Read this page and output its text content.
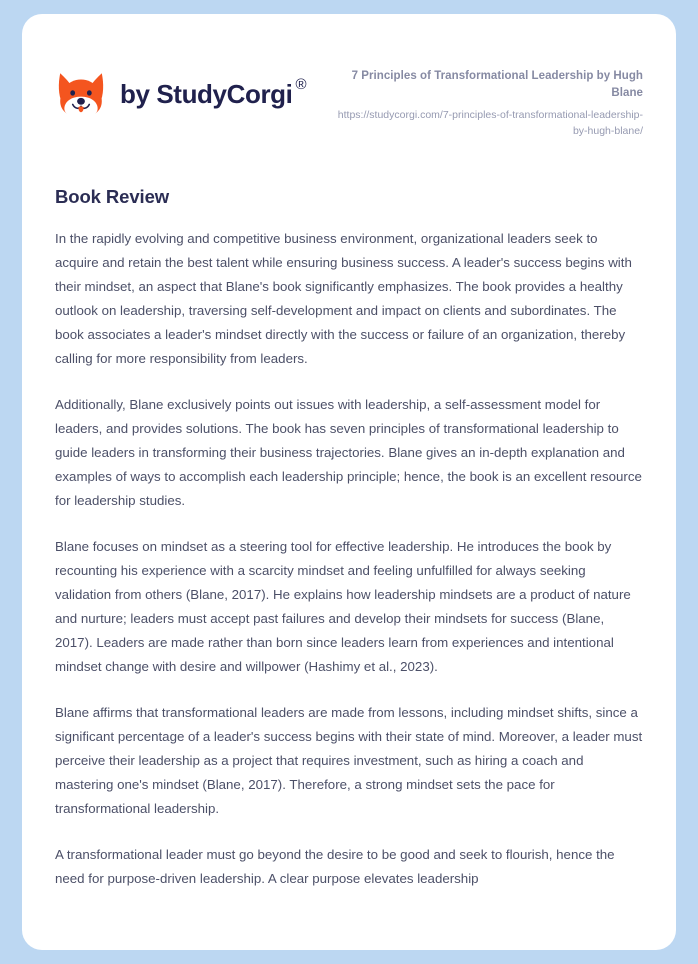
by StudyCorgi ®	7 Principles of Transformational Leadership by Hugh Blane
https://studycorgi.com/7-principles-of-transformational-leadership-by-hugh-blane/
Book Review

In the rapidly evolving and competitive business environment, organizational leaders seek to acquire and retain the best talent while ensuring business success. A leader's success begins with their mindset, an aspect that Blane's book significantly emphasizes. The book provides a healthy outlook on leadership, traversing self-development and impact on clients and subordinates. The book associates a leader's mindset directly with the success or failure of an organization, thereby calling for more responsibility from leaders.

Additionally, Blane exclusively points out issues with leadership, a self-assessment model for leaders, and provides solutions. The book has seven principles of transformational leadership to guide leaders in transforming their business trajectories. Blane gives an in-depth explanation and examples of ways to accomplish each leadership principle; hence, the book is an excellent resource for leadership studies.

Blane focuses on mindset as a steering tool for effective leadership. He introduces the book by recounting his experience with a scarcity mindset and feeling unfulfilled for always seeking validation from others (Blane, 2017). He explains how leadership mindsets are a product of nature and nurture; leaders must accept past failures and develop their mindsets for success (Blane, 2017). Leaders are made rather than born since leaders learn from experiences and intentional mindset change with desire and willpower (Hashimy et al., 2023).

Blane affirms that transformational leaders are made from lessons, including mindset shifts, since a significant percentage of a leader's success begins with their state of mind. Moreover, a leader must perceive their leadership as a project that requires investment, such as hiring a coach and mastering one's mindset (Blane, 2017). Therefore, a strong mindset sets the pace for transformational leadership.

A transformational leader must go beyond the desire to be good and seek to flourish, hence the need for purpose-driven leadership. A clear purpose elevates leadership
